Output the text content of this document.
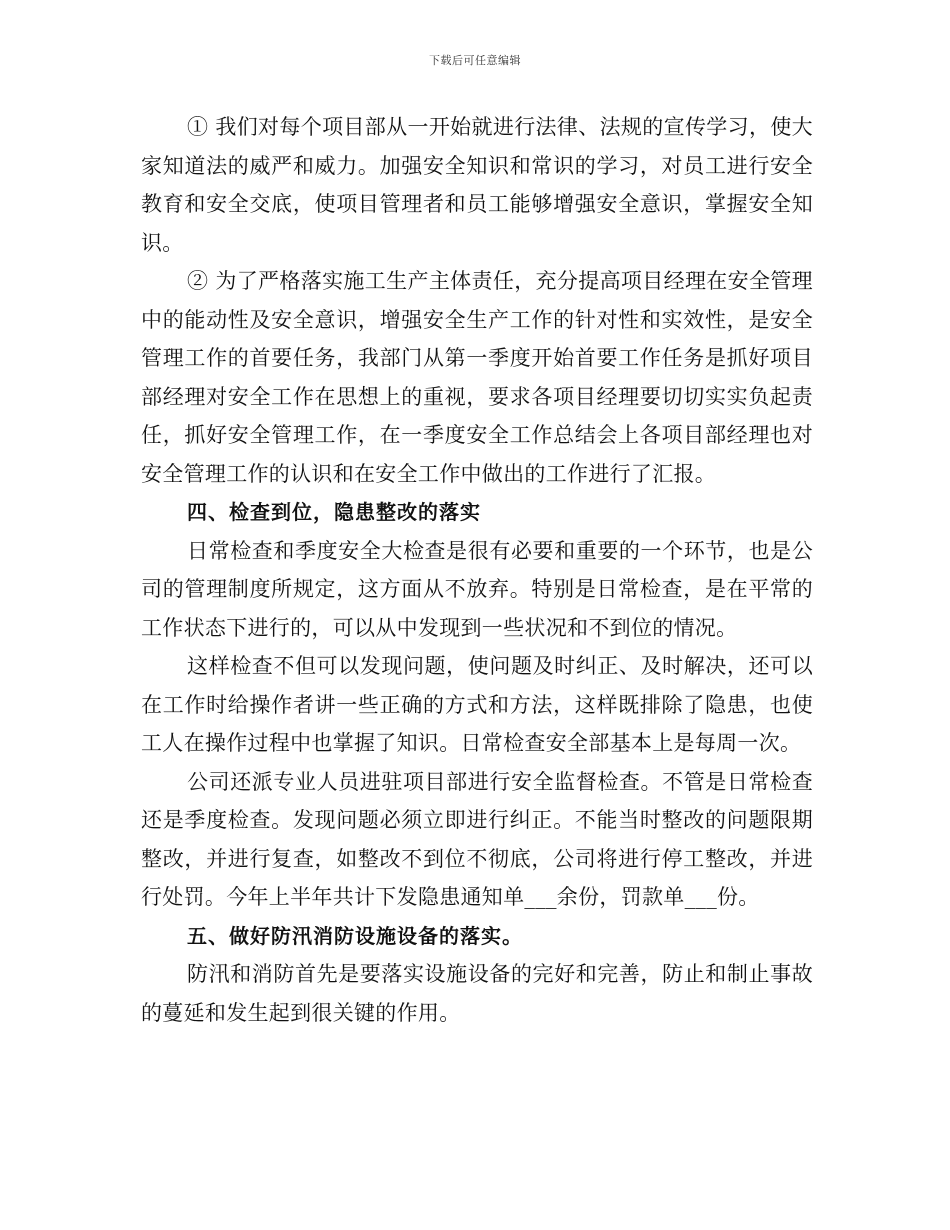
下载后可任意编辑

① 我们对每个项目部从一开始就进行法律、法规的宣传学习，使大家知道法的威严和威力。加强安全知识和常识的学习，对员工进行安全教育和安全交底，使项目管理者和员工能够增强安全意识，掌握安全知识。

② 为了严格落实施工生产主体责任，充分提高项目经理在安全管理中的能动性及安全意识，增强安全生产工作的针对性和实效性，是安全管理工作的首要任务，我部门从第一季度开始首要工作任务是抓好项目部经理对安全工作在思想上的重视，要求各项目经理要切切实实负起责任，抓好安全管理工作，在一季度安全工作总结会上各项目部经理也对安全管理工作的认识和在安全工作中做出的工作进行了汇报。

四、检查到位，隐患整改的落实

日常检查和季度安全大检查是很有必要和重要的一个环节，也是公司的管理制度所规定，这方面从不放弃。特别是日常检查，是在平常的工作状态下进行的，可以从中发现到一些状况和不到位的情况。

这样检查不但可以发现问题，使问题及时纠正、及时解决，还可以在工作时给操作者讲一些正确的方式和方法，这样既排除了隐患，也使工人在操作过程中也掌握了知识。日常检查安全部基本上是每周一次。

公司还派专业人员进驻项目部进行安全监督检查。不管是日常检查还是季度检查。发现问题必须立即进行纠正。不能当时整改的问题限期整改，并进行复查，如整改不到位不彻底，公司将进行停工整改，并进行处罚。今年上半年共计下发隐患通知单___余份，罚款单___份。

五、做好防汛消防设施设备的落实。

防汛和消防首先是要落实设施设备的完好和完善，防止和制止事故的蔓延和发生起到很关键的作用。
